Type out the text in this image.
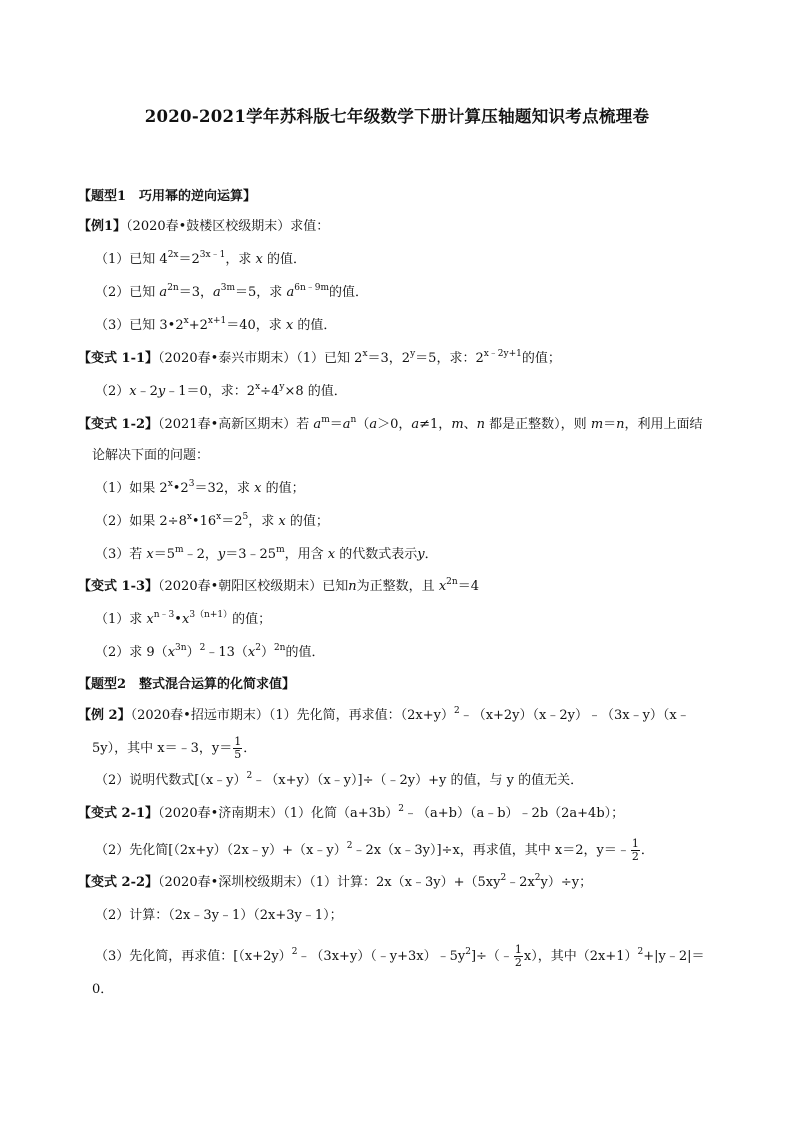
2020-2021学年苏科版七年级数学下册计算压轴题知识考点梳理卷
【题型1　巧用幂的逆向运算】
【例1】（2020春•鼓楼区校级期末）求值：
（1）已知 $4^{2x}=2^{3x﹣1}$，求 x 的值．
（2）已知 $a^{2n}=3$，$a^{3m}=5$，求 $a^{6n﹣9m}$的值．
（3）已知 $3•2^x+2^{x+1}=40$，求 x 的值．
【变式 1-1】（2020春•泰兴市期末）（1）已知 $2^x=3$，$2^y=5$，求：$2^{x﹣2y+1}$的值；
（2）x﹣2y﹣1＝0，求：$2^x\div 4^y\times 8$ 的值．
【变式 1-2】（2021春•高新区期末）若 $a^m=a^n(a>0$，a≠1，m、n 都是正整数），则 m＝n，利用上面结
论解决下面的问题：
（1）如果 $2^x•2^3=32$，求 x 的值；
（2）如果 $2\div 8^x•16^x=2^5$，求 x 的值；
（3）若 $x=5^m﹣2$，$y=3﹣25^m$，用含 x 的代数式表示y．
【变式 1-3】（2020春•朝阳区校级期末）已知n为正整数，且 $x^{2n}=4$
（1）求 $x^{n﹣3}•x^{3(n+1)}$的值；
（2）求 $9(x^{3n})^2﹣13(x^2)^{2n}$的值．
【题型2　整式混合运算的化简求值】
【例 2】（2020春•招远市期末）（1）先化简，再求值：$(2x+y)^2﹣(x+2y)(x﹣2y)﹣(3x﹣y)(x﹣$
5y），其中 x＝﹣3，$y= \frac{1}{5}$ ．
（2）说明代数式[（x﹣y）$^2$﹣（x+y）（x﹣y）]÷（﹣2y）+y 的值，与 y 的值无关．
【变式 2-1】（2020春•济南期末）（1）化简$(a+3b)^2﹣(a+b)(a﹣b)﹣2b(2a+4b)$；
（2）先化简[（2x+y）（2x﹣y）+（x﹣y）$^2$﹣2x（x﹣3y）]÷x，再求值，其中 x＝2，y＝﹣ $\frac{1}{2}$ ．
【变式 2-2】（2020春•深圳校级期末）（1）计算：$2x(x﹣3y)+(5xy^2﹣2x^2y)\div y$；
（2）计算：（2x﹣3y﹣1）（2x+3y﹣1）；
（3）先化简，再求值：$[(x+2y)^2﹣(3x+y)(﹣y+3x)﹣5y^2]\div(﹣ \frac{1}{2} x)$，其中$(2x+1)^2+|y﹣2|=$
0．
